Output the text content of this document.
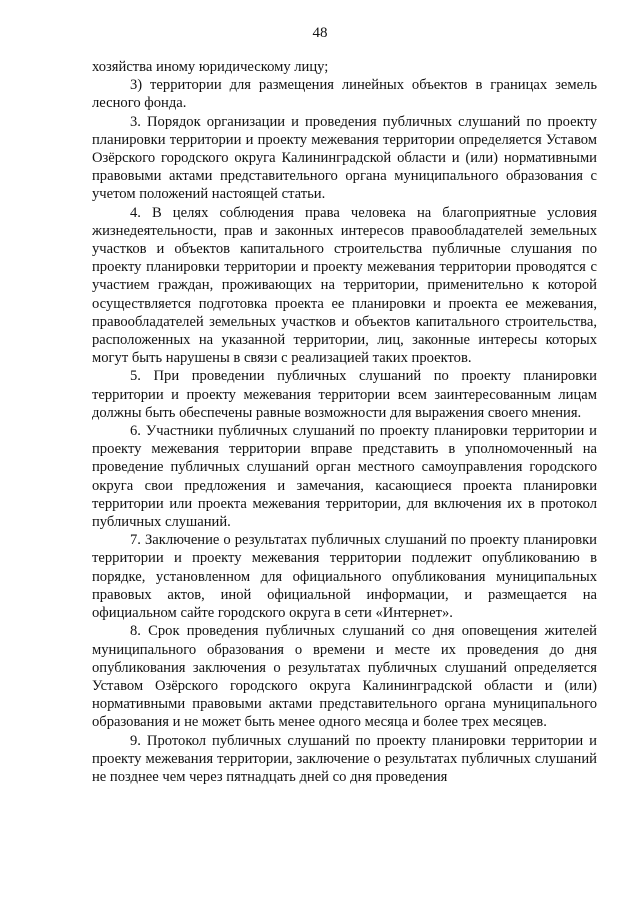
48

хозяйства иному юридическому лицу;

3) территории для размещения линейных объектов в границах земель лесного фонда.

3. Порядок организации и проведения публичных слушаний по проекту планировки территории и проекту межевания территории определяется Уставом Озёрского городского округа Калининградской области и (или) нормативными правовыми актами представительного органа муниципального образования с учетом положений настоящей статьи.

4. В целях соблюдения права человека на благоприятные условия жизнедеятельности, прав и законных интересов правообладателей земельных участков и объектов капитального строительства публичные слушания по проекту планировки территории и проекту межевания территории проводятся с участием граждан, проживающих на территории, применительно к которой осуществляется подготовка проекта ее планировки и проекта ее межевания, правообладателей земельных участков и объектов капитального строительства, расположенных на указанной территории, лиц, законные интересы которых могут быть нарушены в связи с реализацией таких проектов.

5. При проведении публичных слушаний по проекту планировки территории и проекту межевания территории всем заинтересованным лицам должны быть обеспечены равные возможности для выражения своего мнения.

6. Участники публичных слушаний по проекту планировки территории и проекту межевания территории вправе представить в уполномоченный на проведение публичных слушаний орган местного самоуправления городского округа свои предложения и замечания, касающиеся проекта планировки территории или проекта межевания территории, для включения их в протокол публичных слушаний.

7. Заключение о результатах публичных слушаний по проекту планировки территории и проекту межевания территории подлежит опубликованию в порядке, установленном для официального опубликования муниципальных правовых актов, иной официальной информации, и размещается на официальном сайте городского округа в сети «Интернет».

8. Срок проведения публичных слушаний со дня оповещения жителей муниципального образования о времени и месте их проведения до дня опубликования заключения о результатах публичных слушаний определяется Уставом Озёрского городского округа Калининградской области и (или) нормативными правовыми актами представительного органа муниципального образования и не может быть менее одного месяца и более трех месяцев.

9. Протокол публичных слушаний по проекту планировки территории и проекту межевания территории, заключение о результатах публичных слушаний не позднее чем через пятнадцать дней со дня проведения
